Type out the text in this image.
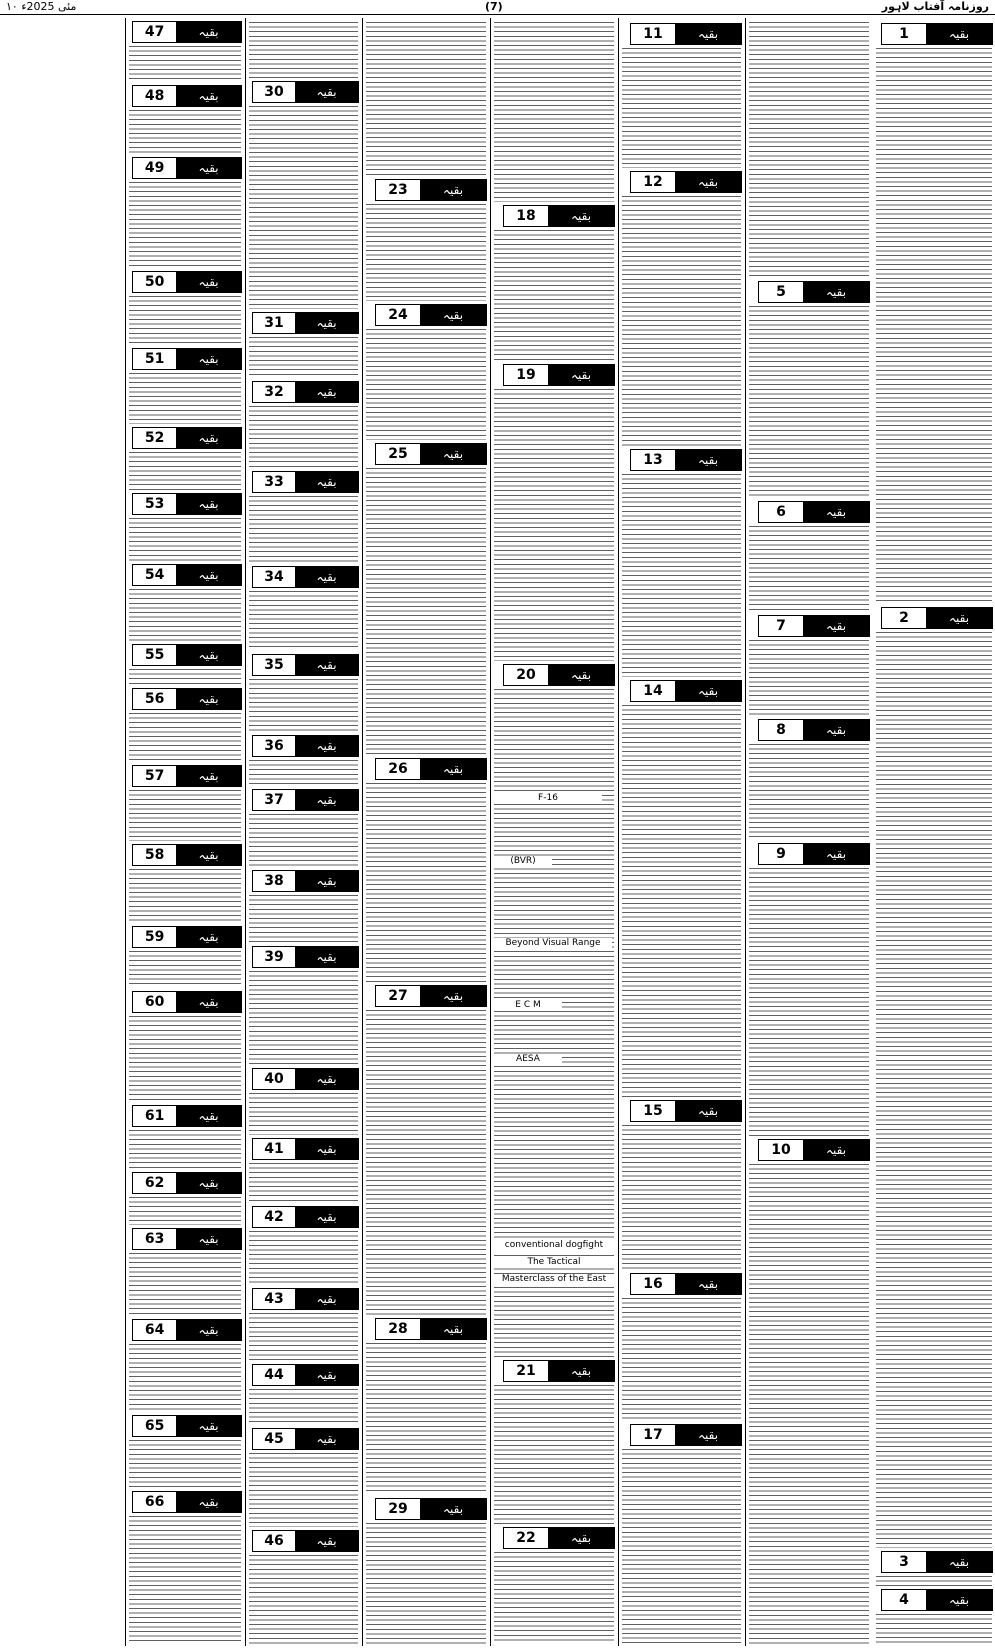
۱۰ مئی 2025ء	(7)	روزنامہ آفتاب لاہور
1	بقیہ
2	بقیہ
3	بقیہ
4	بقیہ
5	بقیہ
6	بقیہ
7	بقیہ
8	بقیہ
9	بقیہ
10	بقیہ
11	بقیہ
12	بقیہ
13	بقیہ
14	بقیہ
15	بقیہ
16	بقیہ
17	بقیہ
18	بقیہ
19	بقیہ
20	بقیہ
21	بقیہ
22	بقیہ
23	بقیہ
24	بقیہ
25	بقیہ
26	بقیہ
27	بقیہ
28	بقیہ
29	بقیہ
30	بقیہ
31	بقیہ
32	بقیہ
33	بقیہ
34	بقیہ
35	بقیہ
36	بقیہ
37	بقیہ
38	بقیہ
39	بقیہ
40	بقیہ
41	بقیہ
42	بقیہ
43	بقیہ
44	بقیہ
45	بقیہ
46	بقیہ
47	بقیہ
48	بقیہ
49	بقیہ
50	بقیہ
51	بقیہ
52	بقیہ
53	بقیہ
54	بقیہ
55	بقیہ
56	بقیہ
57	بقیہ
58	بقیہ
59	بقیہ
60	بقیہ
61	بقیہ
62	بقیہ
63	بقیہ
64	بقیہ
65	بقیہ
66	بقیہ
F-16
(BVR)
Beyond Visual Range
E C M
AESA
conventional dogfight
The Tactical
Masterclass of the East
